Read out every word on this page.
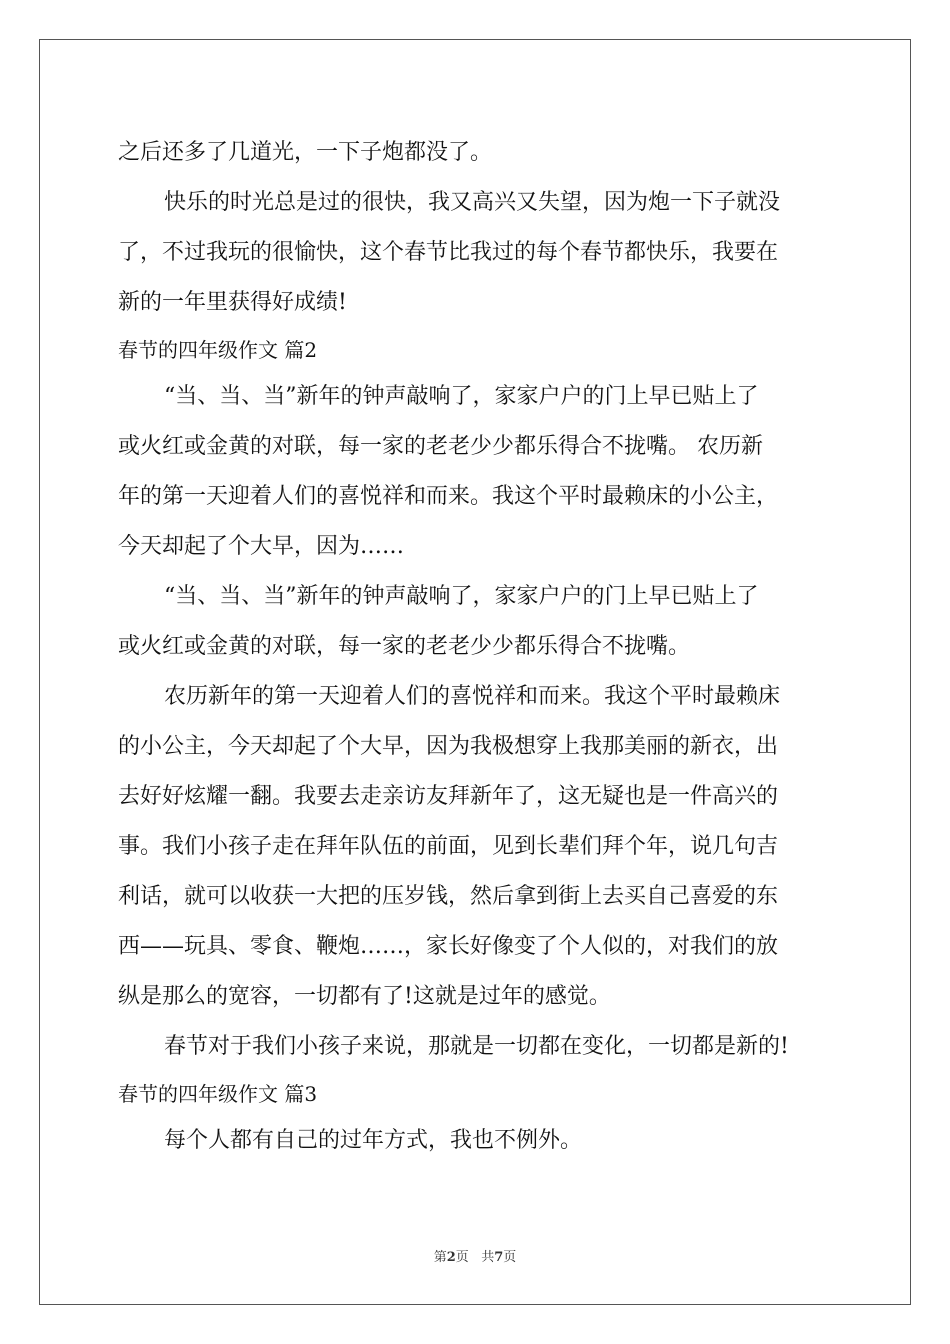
之后还多了几道光，一下子炮都没了。
快乐的时光总是过的很快，我又高兴又失望，因为炮一下子就没
了，不过我玩的很愉快，这个春节比我过的每个春节都快乐，我要在
新的一年里获得好成绩!
春节的四年级作文 篇2
“当、当、当”新年的钟声敲响了，家家户户的门上早已贴上了
或火红或金黄的对联，每一家的老老少少都乐得合不拢嘴。 农历新
年的第一天迎着人们的喜悦祥和而来。我这个平时最赖床的小公主，
今天却起了个大早，因为……
“当、当、当”新年的钟声敲响了，家家户户的门上早已贴上了
或火红或金黄的对联，每一家的老老少少都乐得合不拢嘴。
农历新年的第一天迎着人们的喜悦祥和而来。我这个平时最赖床
的小公主，今天却起了个大早，因为我极想穿上我那美丽的新衣，出
去好好炫耀一翻。我要去走亲访友拜新年了，这无疑也是一件高兴的
事。我们小孩子走在拜年队伍的前面，见到长辈们拜个年，说几句吉
利话，就可以收获一大把的压岁钱，然后拿到街上去买自己喜爱的东
西——玩具、零食、鞭炮……，家长好像变了个人似的，对我们的放
纵是那么的宽容，一切都有了!这就是过年的感觉。
春节对于我们小孩子来说，那就是一切都在变化，一切都是新的!
春节的四年级作文 篇3
每个人都有自己的过年方式，我也不例外。
第2页 共7页
